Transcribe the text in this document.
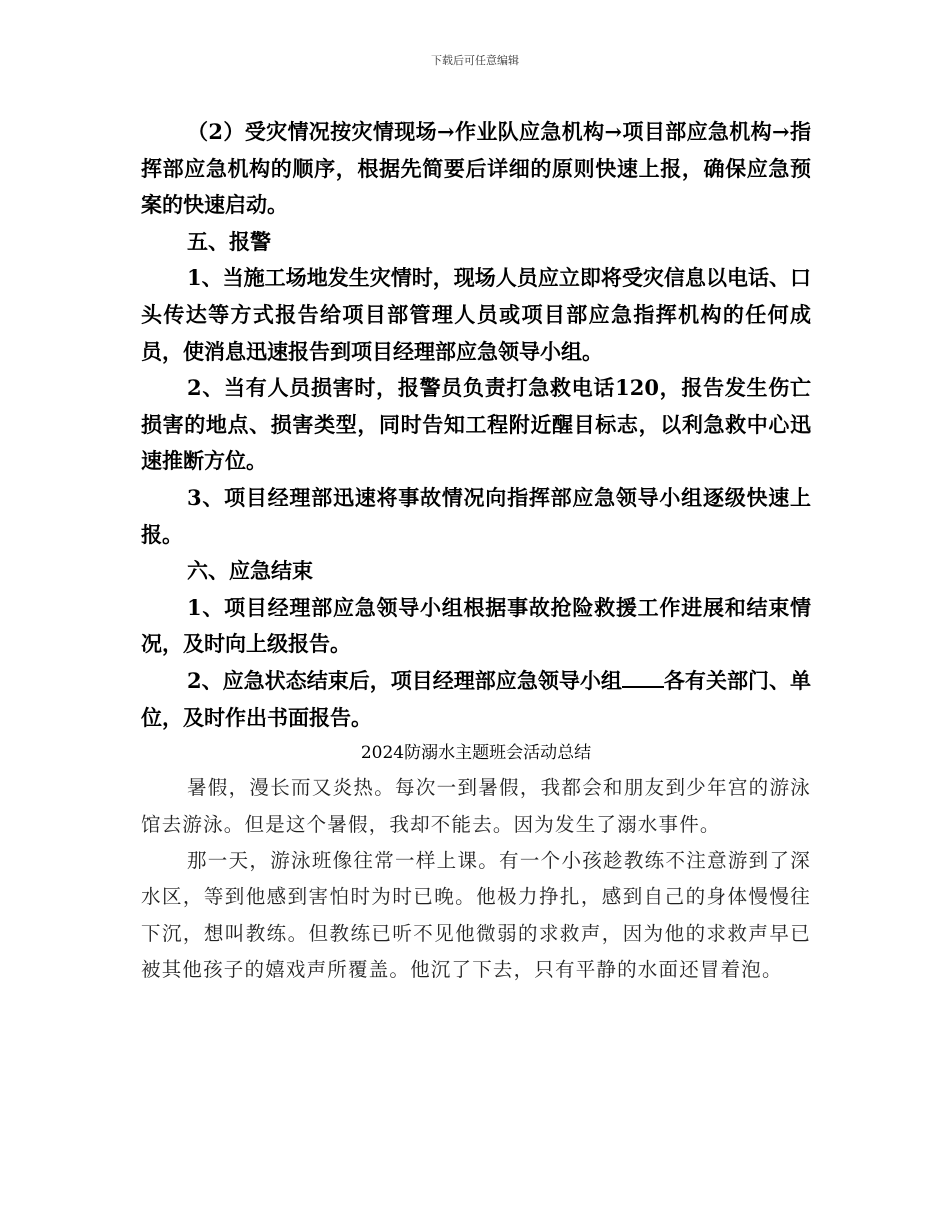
下载后可任意编辑

（2）受灾情况按灾情现场→作业队应急机构→项目部应急机构→指挥部应急机构的顺序，根据先简要后详细的原则快速上报，确保应急预案的快速启动。

五、报警

1、当施工场地发生灾情时，现场人员应立即将受灾信息以电话、口头传达等方式报告给项目部管理人员或项目部应急指挥机构的任何成员，使消息迅速报告到项目经理部应急领导小组。

2、当有人员损害时，报警员负责打急救电话120，报告发生伤亡损害的地点、损害类型，同时告知工程附近醒目标志，以利急救中心迅速推断方位。

3、项目经理部迅速将事故情况向指挥部应急领导小组逐级快速上报。

六、应急结束

1、项目经理部应急领导小组根据事故抢险救援工作进展和结束情况，及时向上级报告。

2、应急状态结束后，项目经理部应急领导小组 各有关部门、单位，及时作出书面报告。

2024防溺水主题班会活动总结

暑假，漫长而又炎热。每次一到暑假，我都会和朋友到少年宫的游泳馆去游泳。但是这个暑假，我却不能去。因为发生了溺水事件。

那一天，游泳班像往常一样上课。有一个小孩趁教练不注意游到了深水区，等到他感到害怕时为时已晚。他极力挣扎，感到自己的身体慢慢往下沉，想叫教练。但教练已听不见他微弱的求救声，因为他的求救声早已被其他孩子的嬉戏声所覆盖。他沉了下去，只有平静的水面还冒着泡。
